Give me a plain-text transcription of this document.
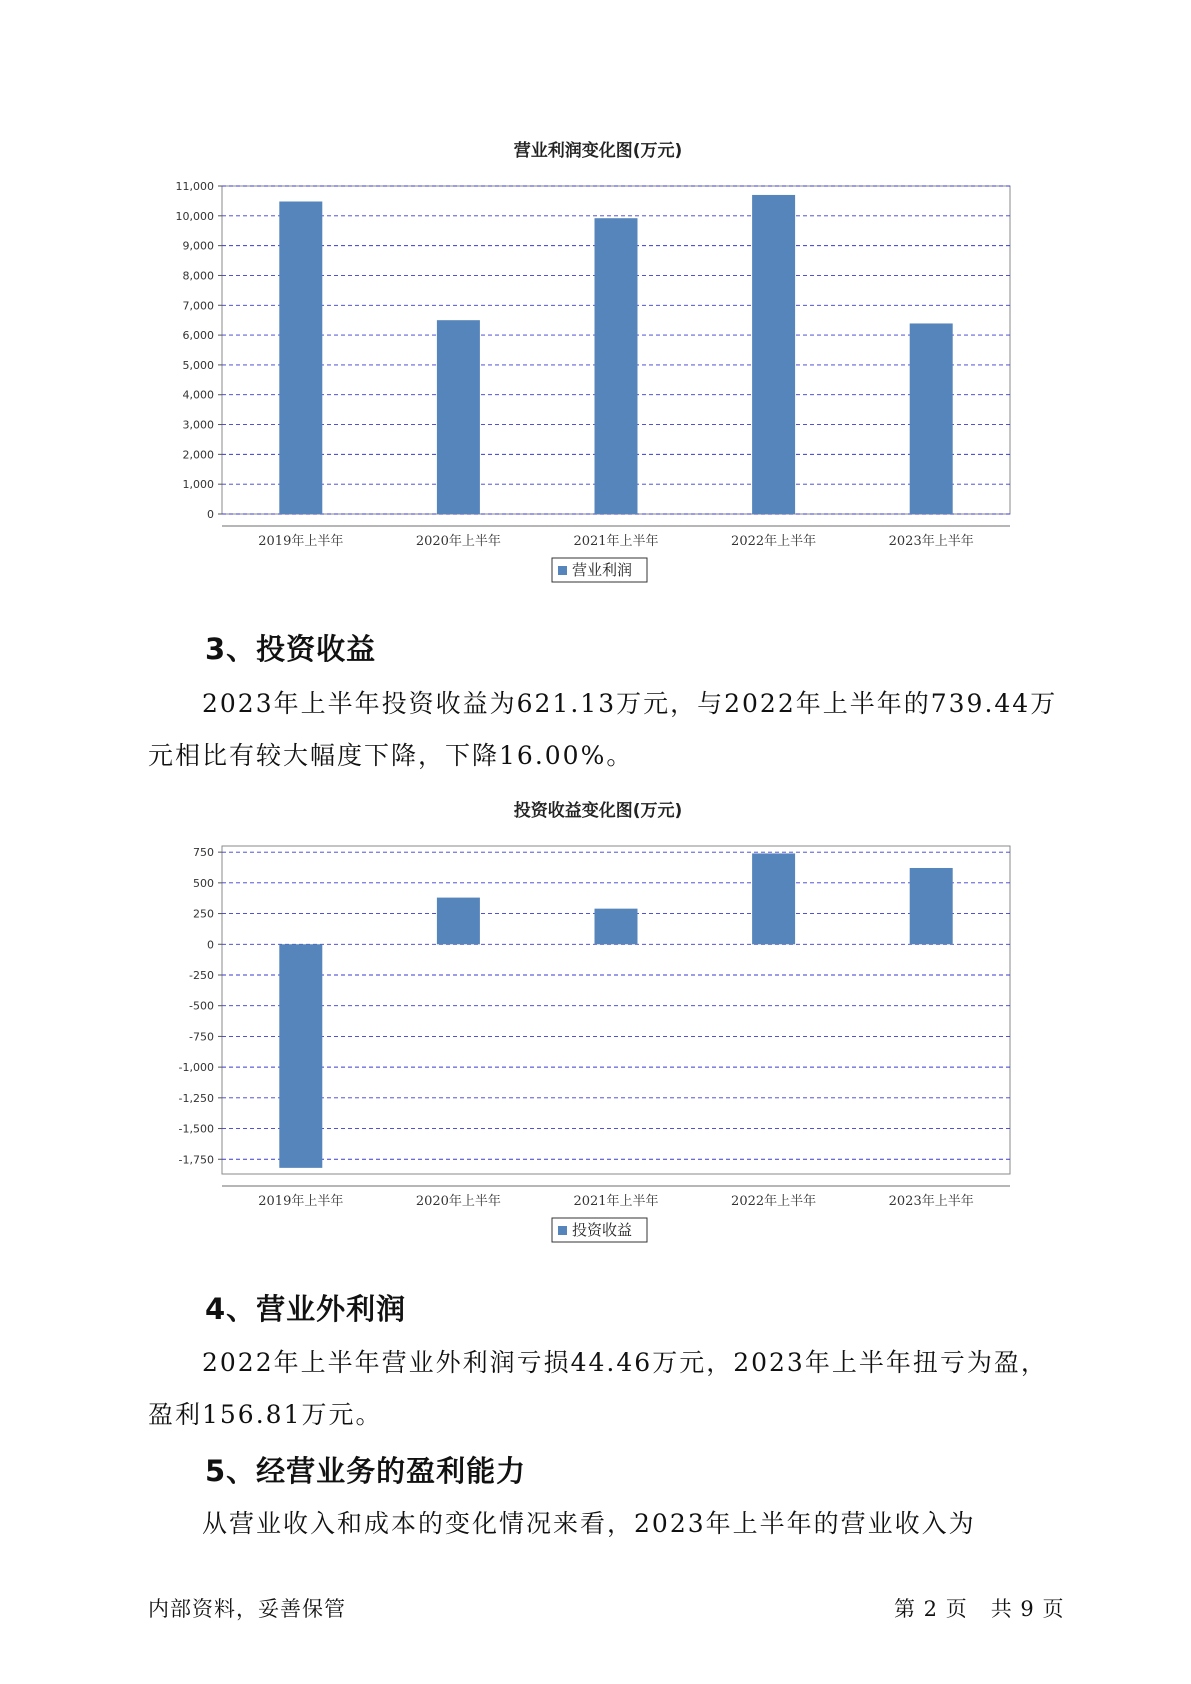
营业利润变化图(万元)
0
1,000
2,000
3,000
4,000
5,000
6,000
7,000
8,000
9,000
10,000
11,000
2019年上半年	2020年上半年	2021年上半年	2022年上半年	2023年上半年
营业利润
3、投资收益

2023年上半年投资收益为621.13万元，与2022年上半年的739.44万元相比有较大幅度下降，下降16.00%。

投资收益变化图(万元)
750
500
250
0
-250
-500
-750
-1,000
-1,250
-1,500
-1,750
2019年上半年	2020年上半年	2021年上半年	2022年上半年	2023年上半年
投资收益
4、营业外利润

2022年上半年营业外利润亏损44.46万元，2023年上半年扭亏为盈，盈利156.81万元。

5、经营业务的盈利能力

从营业收入和成本的变化情况来看，2023年上半年的营业收入为

内部资料，妥善保管	第 2 页   共 9 页
